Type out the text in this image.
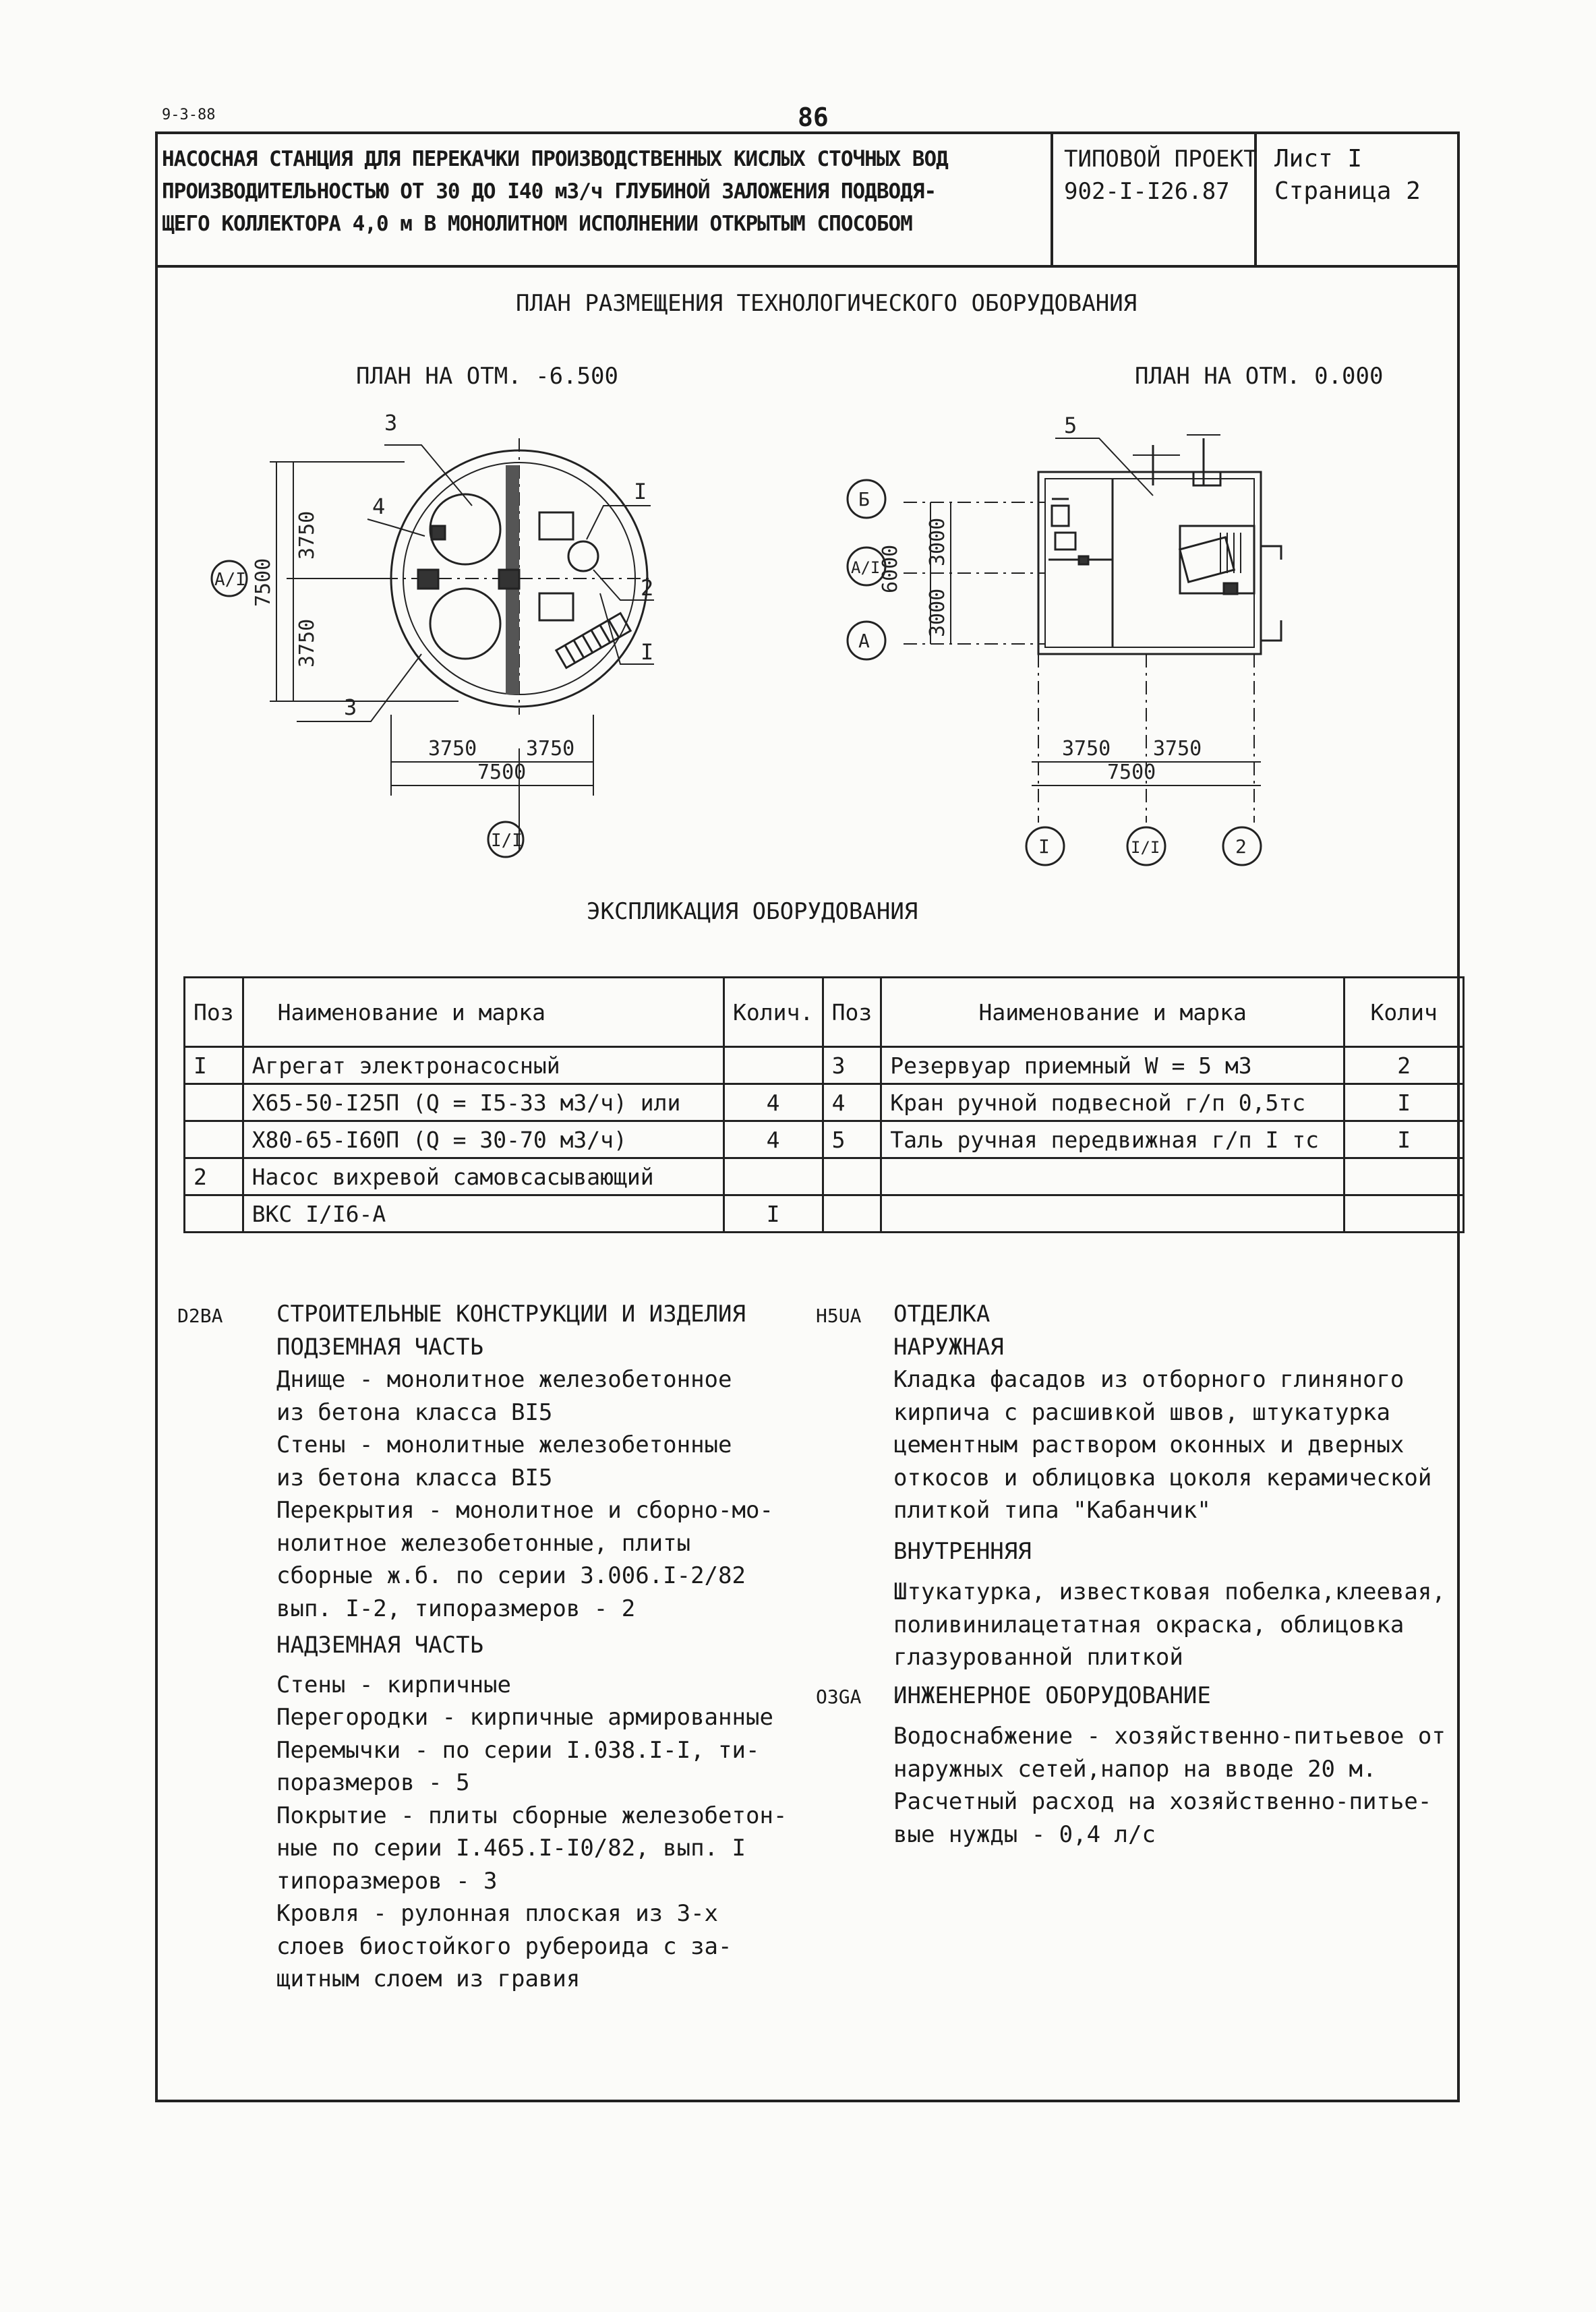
9-3-88	86
НАСОСНАЯ СТАНЦИЯ ДЛЯ ПЕРЕКАЧКИ ПРОИЗВОДСТВЕННЫХ КИСЛЫХ СТОЧНЫХ ВОД
ПРОИЗВОДИТЕЛЬНОСТЬЮ ОТ 30 ДО I40 м3/ч ГЛУБИНОЙ ЗАЛОЖЕНИЯ ПОДВОДЯ-
ЩЕГО КОЛЛЕКТОРА 4,0 м В МОНОЛИТНОМ ИСПОЛНЕНИИ ОТКРЫТЫМ СПОСОБОМ
ТИПОВОЙ ПРОЕКТ
902-I-I26.87
Лист I
Страница 2
ПЛАН РАЗМЕЩЕНИЯ ТЕХНОЛОГИЧЕСКОГО ОБОРУДОВАНИЯ
ПЛАН НА ОТМ. -6.500	ПЛАН НА ОТМ. 0.000
3
4
I
2
I
3
7500
3750
3750
3750 3750
7500
А/I
I/I
5
6000
3000
3000
3750 3750
7500
Б
А/I
А
I	I/I	2
ЭКСПЛИКАЦИЯ ОБОРУДОВАНИЯ
Поз	Наименование и марка	Колич.	Поз	Наименование и марка	Колич
I	Агрегат электронасосный		3	Резервуар приемный W = 5 м3	2
	Х65-50-I25П (Q = I5-33 м3/ч) или	4	4	Кран ручной подвесной г/п 0,5тс	I
	Х80-65-I60П (Q = 30-70 м3/ч)	4	5	Таль ручная передвижная г/п I тс	I
2	Насос вихревой самовсасывающий				
	ВКС I/I6-А	I			
D2BA СТРОИТЕЛЬНЫЕ КОНСТРУКЦИИ И ИЗДЕЛИЯ
ПОДЗЕМНАЯ ЧАСТЬ
Днище - монолитное железобетонное
из бетона класса BI5
Стены - монолитные железобетонные
из бетона класса BI5
Перекрытия - монолитное и сборно-мо-
нолитное железобетонные, плиты
сборные ж.б. по серии 3.006.I-2/82
вып. I-2, типоразмеров - 2
НАДЗЕМНАЯ ЧАСТЬ
Стены - кирпичные
Перегородки - кирпичные армированные
Перемычки - по серии I.038.I-I, ти-
поразмеров - 5
Покрытие - плиты сборные железобетон-
ные по серии I.465.I-I0/82, вып. I
типоразмеров - 3
Кровля - рулонная плоская из 3-х
слоев биостойкого рубероида с за-
щитным слоем из гравия
H5UA
O3GA
ОТДЕЛКА
НАРУЖНАЯ
Кладка фасадов из отборного глиняного
кирпича с расшивкой швов, штукатурка
цементным раствором оконных и дверных
откосов и облицовка цоколя керамической
плиткой типа "Кабанчик"
ВНУТРЕННЯЯ
Штукатурка, известковая побелка,клеевая,
поливинилацетатная окраска, облицовка
глазурованной плиткой
ИНЖЕНЕРНОЕ ОБОРУДОВАНИЕ
Водоснабжение - хозяйственно-питьевое от
наружных сетей,напор на вводе 20 м.
Расчетный расход на хозяйственно-питье-
вые нужды - 0,4 л/с
